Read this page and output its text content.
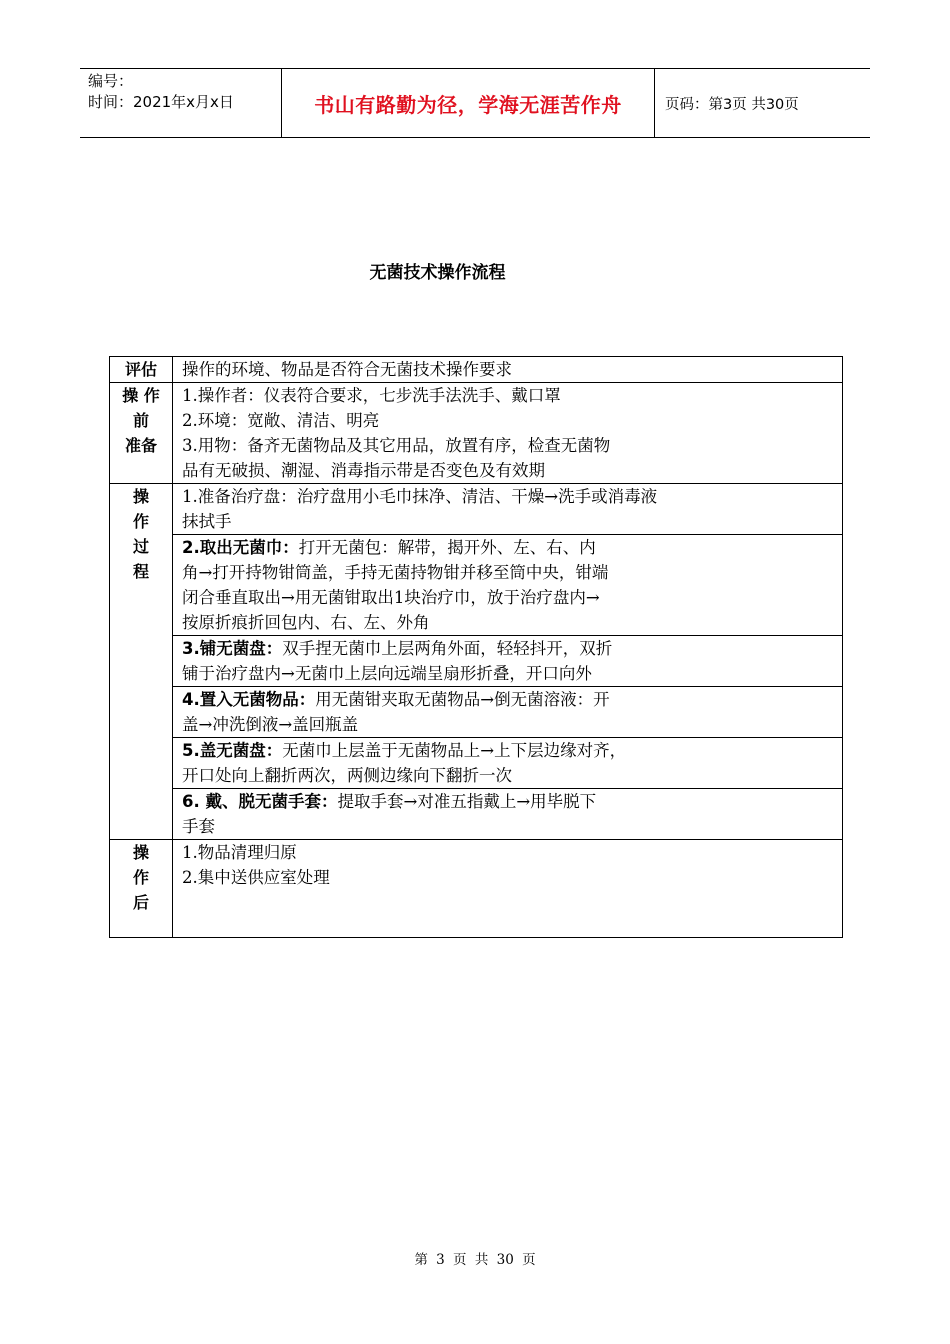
编号：
时间：2021年x月x日	书山有路勤为径，学海无涯苦作舟	页码：第3页 共30页
无菌技术操作流程
评估	操作的环境、物品是否符合无菌技术操作要求

操 作
前
准备	1.操作者：仪表符合要求，七步洗手法洗手、戴口罩
2.环境：宽敞、清洁、明亮
3.用物：备齐无菌物品及其它用品，放置有序，检查无菌物
品有无破损、潮湿、消毒指示带是否变色及有效期

操
作
过
程	1.准备治疗盘：治疗盘用小毛巾抹净、清洁、干燥→洗手或消毒液
抹拭手

	2.取出无菌巾：打开无菌包：解带，揭开外、左、右、内
角→打开持物钳筒盖，手持无菌持物钳并移至筒中央，钳端
闭合垂直取出→用无菌钳取出1块治疗巾，放于治疗盘内→
按原折痕折回包内、右、左、外角

	3.铺无菌盘：双手捏无菌巾上层两角外面，轻轻抖开，双折
铺于治疗盘内→无菌巾上层向远端呈扇形折叠，开口向外

	4.置入无菌物品：用无菌钳夹取无菌物品→倒无菌溶液：开
盖→冲洗倒液→盖回瓶盖

	5.盖无菌盘：无菌巾上层盖于无菌物品上→上下层边缘对齐，
开口处向上翻折两次，两侧边缘向下翻折一次

	6. 戴、脱无菌手套：提取手套→对准五指戴上→用毕脱下
手套

操
作
后	1.物品清理归原
2.集中送供应室处理
第 3 页 共 30 页
